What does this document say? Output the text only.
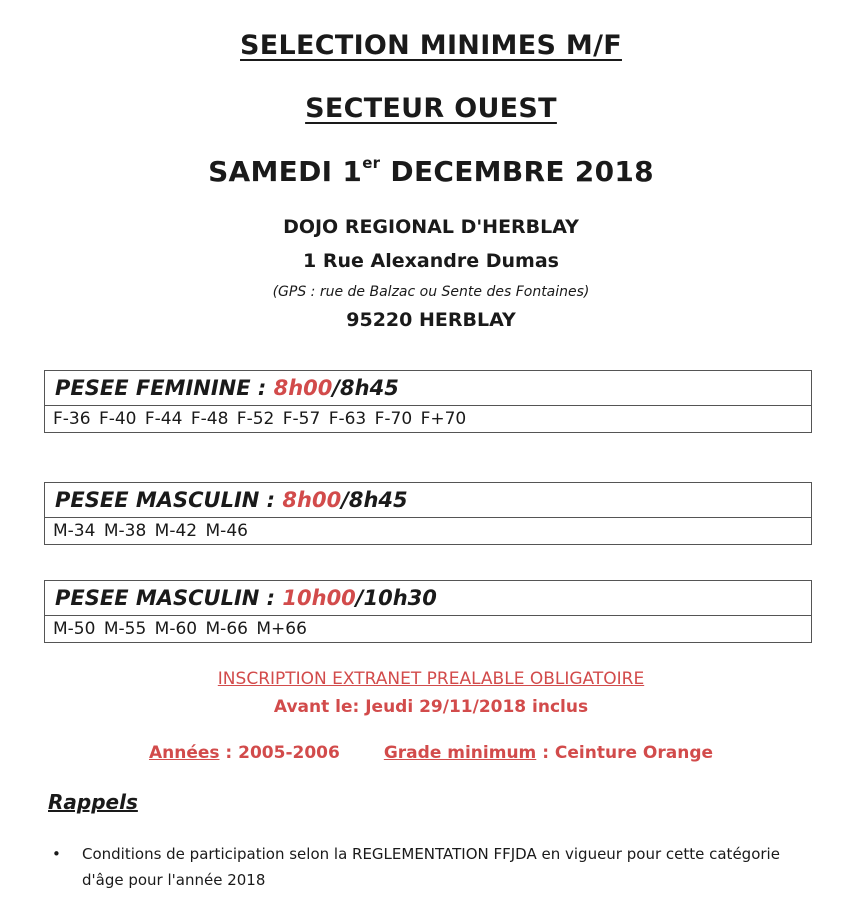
SELECTION MINIMES M/F
SECTEUR OUEST
SAMEDI 1er DECEMBRE 2018
DOJO REGIONAL D'HERBLAY
1 Rue Alexandre Dumas
(GPS : rue de Balzac ou Sente des Fontaines)
95220 HERBLAY
PESEE FEMININE : 8h00/8h45
F-36 F-40 F-44 F-48 F-52 F-57 F-63 F-70 F+70
PESEE MASCULIN : 8h00/8h45
M-34 M-38 M-42 M-46
PESEE MASCULIN : 10h00/10h30
M-50 M-55 M-60 M-66 M+66
INSCRIPTION EXTRANET PREALABLE OBLIGATOIRE
Avant le: Jeudi 29/11/2018 inclus
Années : 2005-2006	Grade minimum : Ceinture Orange
Rappels
• Conditions de participation selon la REGLEMENTATION FFJDA en vigueur pour cette catégorie d'âge pour l'année 2018
